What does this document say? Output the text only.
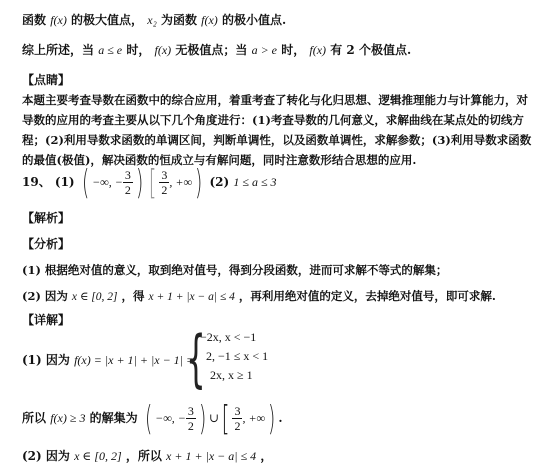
函数 f(x) 的极大值点， x₂ 为函数 f(x) 的极小值点.
综上所述，当 a ≤ e 时， f(x) 无极值点；当 a > e 时， f(x) 有 2 个极值点.
【点睛】
本题主要考查导数在函数中的综合应用，着重考查了转化与化归思想、逻辑推理能力与计算能力，对导数的应用的考查主要从以下几个角度进行：(1)考查导数的几何意义，求解曲线在某点处的切线方程；(2)利用导数求函数的单调区间，判断单调性，以及函数单调性，求解参数；(3)利用导数求函数的最值(极值)，解决函数的恒成立与有解问题，同时注意数形结合思想的应用.
19、 (1) ( −∞, − $\frac{3}{2}$ ) [ $\frac{3}{2}$ , +∞) (2) 1 ≤ a ≤ 3
【解析】
【分析】
(1) 根据绝对值的意义，取到绝对值号，得到分段函数，进而可求解不等式的解集；
(2) 因为 x ∈ [0, 2] ，得 x + 1 + |x − a| ≤ 4 ，再利用绝对值的定义，去掉绝对值号，即可求解.
【详解】
(1) 因为 f(x) = |x + 1| + |x − 1| =
{
−2x, x < −1
2, −1 ≤ x < 1
2x, x ≥ 1
所以 f(x) ≥ 3 的解集为 ( −∞, − $\frac{3}{2}$ ) ∪[ $\frac{3}{2}$ , +∞) .
(2) 因为 x ∈ [0, 2] ，所以 x + 1 + |x − a| ≤ 4 ，
